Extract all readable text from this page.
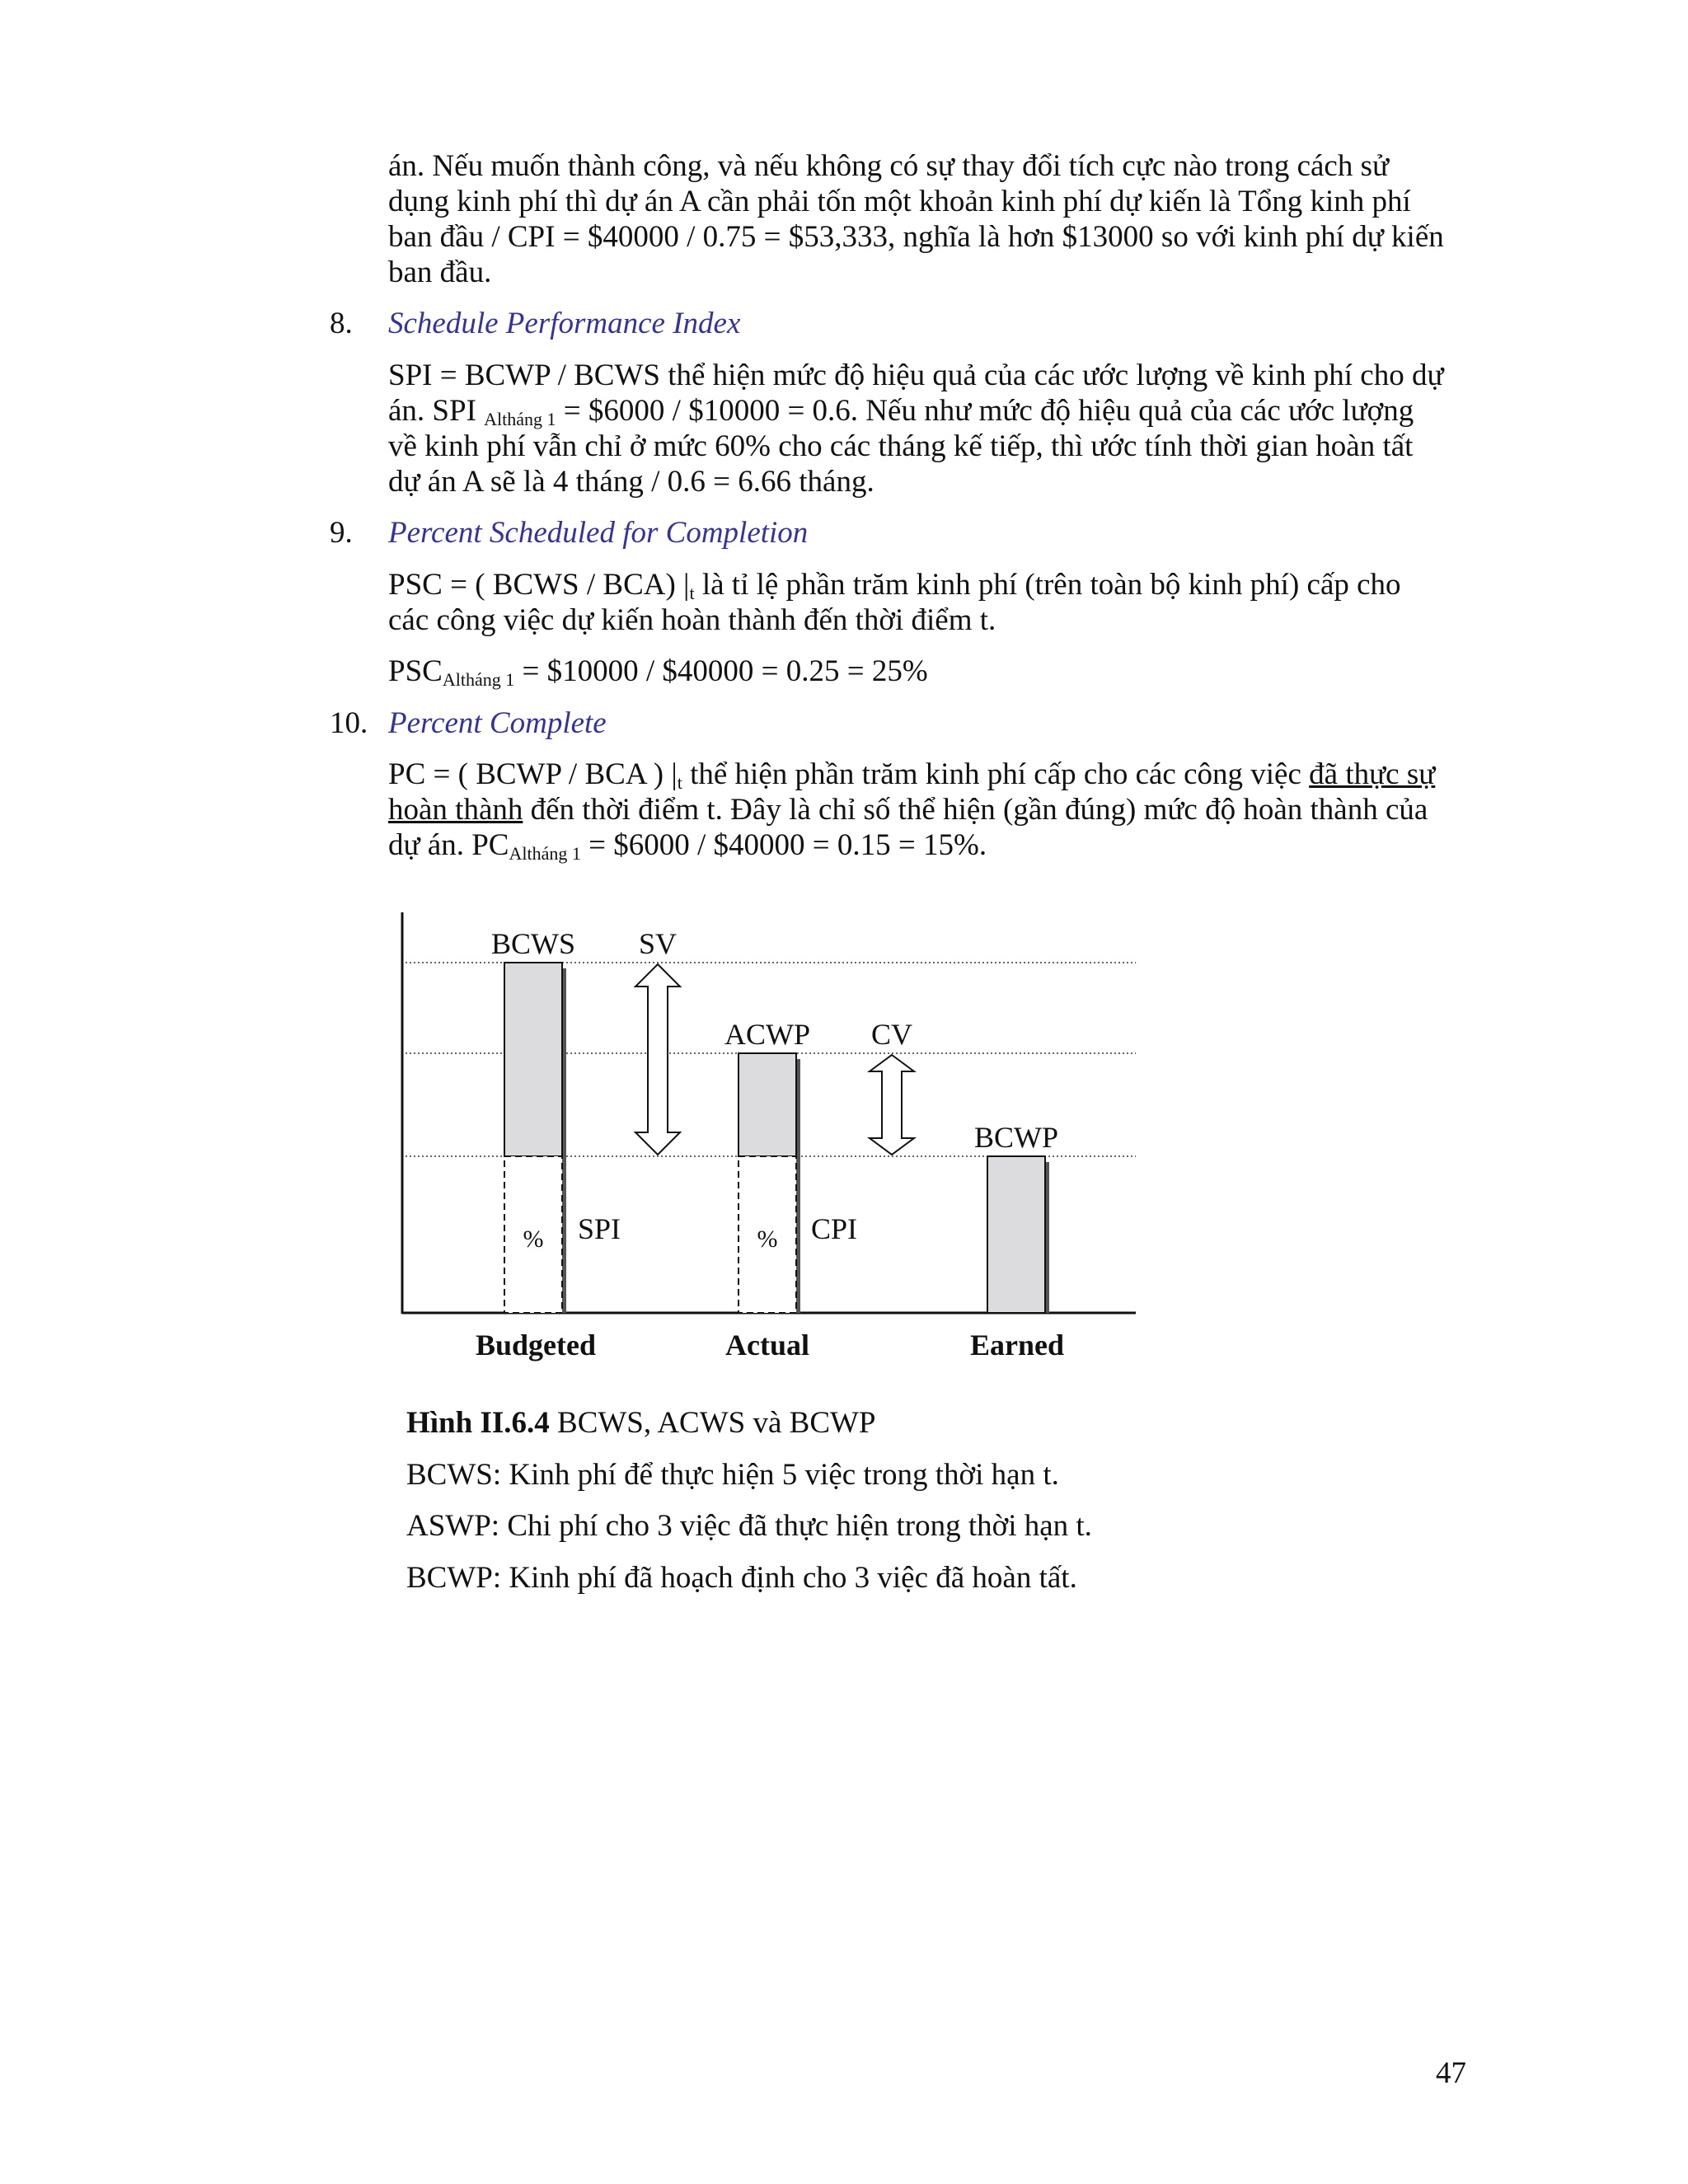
án. Nếu muốn thành công, và nếu không có sự thay đổi tích cực nào trong cách sử
dụng kinh phí thì dự án A cần phải tốn một khoản kinh phí dự kiến là Tổng kinh phí
ban đầu / CPI = $40000 / 0.75 = $53,333, nghĩa là hơn $13000 so với kinh phí dự kiến
ban đầu.
8. Schedule Performance Index
SPI = BCWP / BCWS thể hiện mức độ hiệu quả của các ước lượng về kinh phí cho dự
án. SPI $_{Altháng 1}$ = $6000 / $10000 = 0.6. Nếu như mức độ hiệu quả của các ước lượng
về kinh phí vẫn chỉ ở mức 60% cho các tháng kế tiếp, thì ước tính thời gian hoàn tất
dự án A sẽ là 4 tháng / 0.6 = 6.66 tháng.
9. Percent Scheduled for Completion
PSC = ( BCWS / BCA) $|_t$ là tỉ lệ phần trăm kinh phí (trên toàn bộ kinh phí) cấp cho
các công việc dự kiến hoàn thành đến thời điểm t.
$PSC_{Altháng 1}$ = $10000 / $40000 = 0.25 = 25%
10. Percent Complete
PC = ( BCWP / BCA ) $|_t$ thể hiện phần trăm kinh phí cấp cho các công việc đã thực sự
hoàn thành đến thời điểm t. Đây là chỉ số thể hiện (gần đúng) mức độ hoàn thành của
dự án. $PC_{Altháng 1}$ = $6000 / $40000 = 0.15 = 15%.
BCWS SV
ACWP CV
BCWP
%	%
SPI	CPI
Budgeted	Actual	Earned
Hình II.6.4 BCWS, ACWS và BCWP
BCWS: Kinh phí để thực hiện 5 việc trong thời hạn t.
ASWP: Chi phí cho 3 việc đã thực hiện trong thời hạn t.
BCWP: Kinh phí đã hoạch định cho 3 việc đã hoàn tất.
47
